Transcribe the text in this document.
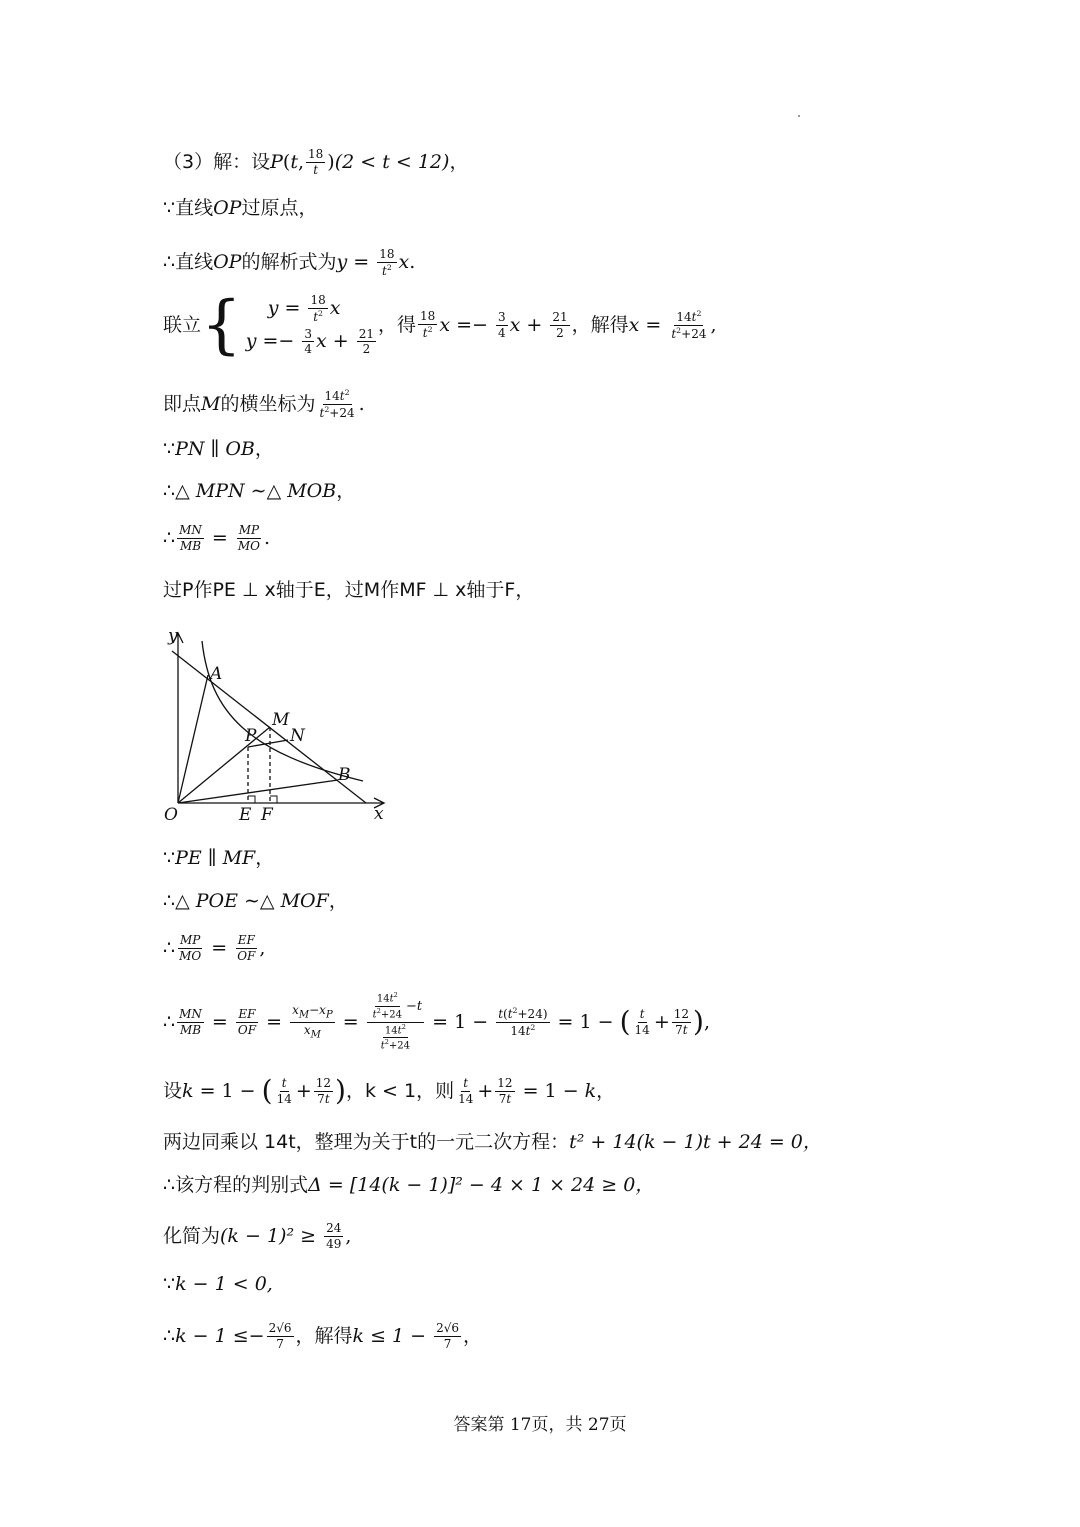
（3）解：设 P ( t , $\frac{18}{t}$ ) (2 < t < 12) ，
∵ 直线 OP 过原点，
∴ 直线 OP 的解析式为 y
=
$\frac{18}{t^2}$ x .
联立 { $y = \frac{18}{t^2}$ x
$y =- \frac{3}{4}$ $x + \frac{21}{2}$
，得 $\frac{18}{t^2}$ $x =- \frac{3}{4}$ $x + \frac{21}{2}$ ，解得 $x = \frac{14t^2}{t^2+24}$ ,
即点 M 的横坐标为 $\frac{14t^2}{t^2+24}$ .
∵ PN ∥ OB ，
∴ △ MPN ∼△ MOB ，
∴ $\frac{MN}{MB} = \frac{MP}{MO}$ .
过P作PE ⊥ x轴于E，过M作MF ⊥ x轴于F，
y
x
O
A
M
N
P
B
E F
∵ PE ∥ MF ，
∴ △ POE ∼△ MOF ，
∴ $\frac{MP}{MO} = \frac{EF}{OF}$ ,
∴ $\frac{MN}{MB} = \frac{EF}{OF} = \frac{x_M-x_P}{x_M} = \frac{\frac{14t^2}{t^2+24} -t}{\frac{14t^2}{t^2+24}} = 1 - \frac{t(t^2+24)}{14t^2} = 1$ − ( $\frac{t}{14} + \frac{12}{7t}$ ) ,
设 k = 1 − ( $\frac{t}{14} + \frac{12}{7t}$ ) ，k < 1，则 $\frac{t}{14} + \frac{12}{7t} = 1 - k$ ，
两边同乘以 14t，整理为关于t的一元二次方程： t² + 14(k − 1)t + 24 = 0，
∴ 该方程的判别式 Δ = [14(k − 1)]² − 4 × 1 × 24 ≥ 0，
化简为 (k − 1)² ≥
$\frac{24}{49}$ ,
∵ k − 1 < 0,
∴ $k - 1 \le- \frac{2√6}{7}$ ，解得 k ≤ 1 −
$\frac{2√6}{7}$ ，
答案第 17页，共 27页
